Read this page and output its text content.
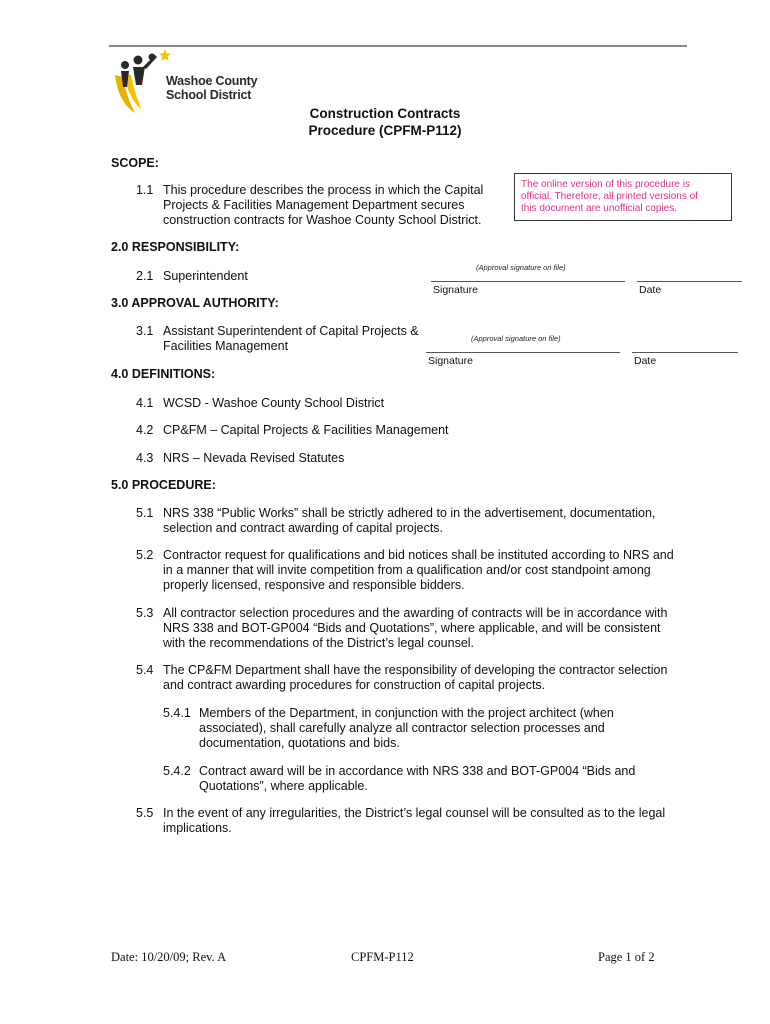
Washoe County
School District
Construction Contracts
Procedure (CPFM-P112)
SCOPE:
1.1 This procedure describes the process in which the Capital
Projects & Facilities Management Department secures
construction contracts for Washoe County School District.
The online version of this procedure is
official. Therefore, all printed versions of
this document are unofficial copies.
2.0 RESPONSIBILITY:
2.1 Superintendent
(Approval signature on file)
Signature	Date
3.0 APPROVAL AUTHORITY:
3.1 Assistant Superintendent of Capital Projects &
Facilities Management
(Approval signature on file)
Signature	Date
4.0 DEFINITIONS:
4.1 WCSD - Washoe County School District
4.2 CP&FM – Capital Projects & Facilities Management
4.3 NRS – Nevada Revised Statutes
5.0 PROCEDURE:
5.1 NRS 338 “Public Works” shall be strictly adhered to in the advertisement, documentation,
selection and contract awarding of capital projects.
5.2 Contractor request for qualifications and bid notices shall be instituted according to NRS and
in a manner that will invite competition from a qualification and/or cost standpoint among
properly licensed, responsive and responsible bidders.
5.3 All contractor selection procedures and the awarding of contracts will be in accordance with
NRS 338 and BOT-GP004 “Bids and Quotations”, where applicable, and will be consistent
with the recommendations of the District’s legal counsel.
5.4 The CP&FM Department shall have the responsibility of developing the contractor selection
and contract awarding procedures for construction of capital projects.
5.4.1 Members of the Department, in conjunction with the project architect (when
associated), shall carefully analyze all contractor selection processes and
documentation, quotations and bids.
5.4.2 Contract award will be in accordance with NRS 338 and BOT-GP004 “Bids and
Quotations”, where applicable.
5.5 In the event of any irregularities, the District’s legal counsel will be consulted as to the legal
implications.
Date: 10/20/09; Rev. A	CPFM-P112	Page 1 of 2
